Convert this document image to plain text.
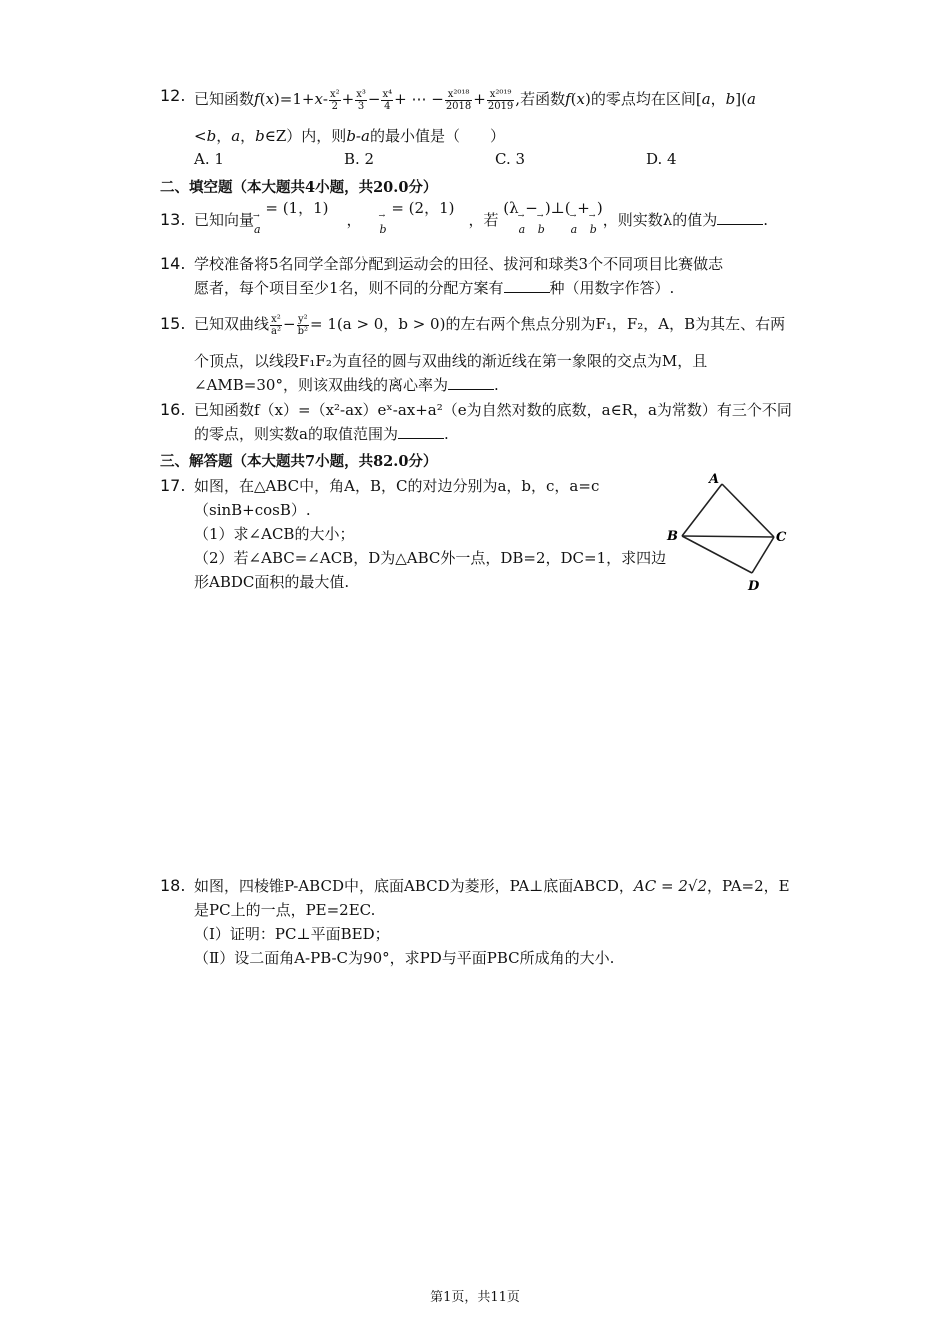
12. 已知函数$f(x)=1+x- \frac{\text{x²}}{2} + \frac{\text{x³}}{3} - \frac{\text{x⁴}}{4}$ + ⋯ − $\frac{\text{x²⁰¹⁸}}{2018} + \frac{\text{x²⁰¹⁹}}{2019}$ ,若函数f(x)的零点均在区间[a，b](a
<b，a，b∈Z）内，则b-a的最小值是（　　）
A. 1	B. 2	C. 3	D. 4
二、填空题（本大题共4小题，共20.0分）
13. 已知向量→ a = (1，1)，→ b = (2，1)，若 (λ→ a−→ b)⊥(→ a+→ b)，则实数λ的值为	.
14. 学校准备将5名同学全部分配到运动会的田径、拔河和球类3个不同项目比赛做志
愿者，每个项目至少1名，则不同的分配方案有	种（用数字作答）.
15. 已知双曲线 $\frac{\text{x²}}{\text{a²}} - \frac{\text{y²}}{\text{b²}} = 1(a > 0$，b > 0)的左右两个焦点分别为F₁，F₂，A，B为其左、右两
个顶点，以线段F₁F₂为直径的圆与双曲线的渐近线在第一象限的交点为M，且
∠AMB=30°，则该双曲线的离心率为	.
16. 已知函数f（x）=（x²-ax）eˣ-ax+a²（e为自然对数的底数，a∈R，a为常数）有三个不同
的零点，则实数a的取值范围为	.
三、解答题（本大题共7小题，共82.0分）
17. 如图，在△ABC中，角A，B，C的对边分别为a，b，c，a=c
（sinB+cosB）.
（1）求∠ACB的大小；
（2）若∠ABC=∠ACB，D为△ABC外一点，DB=2，DC=1，求四边
形ABDC面积的最大值.
A
B	C
D
18. 如图，四棱锥P-ABCD中，底面ABCD为菱形，PA⊥底面ABCD，AC = 2√2，PA=2，E
是PC上的一点，PE=2EC.
（Ⅰ）证明：PC⊥平面BED；
（Ⅱ）设二面角A-PB-C为90°，求PD与平面PBC所成角的大小.
第1页，共11页
